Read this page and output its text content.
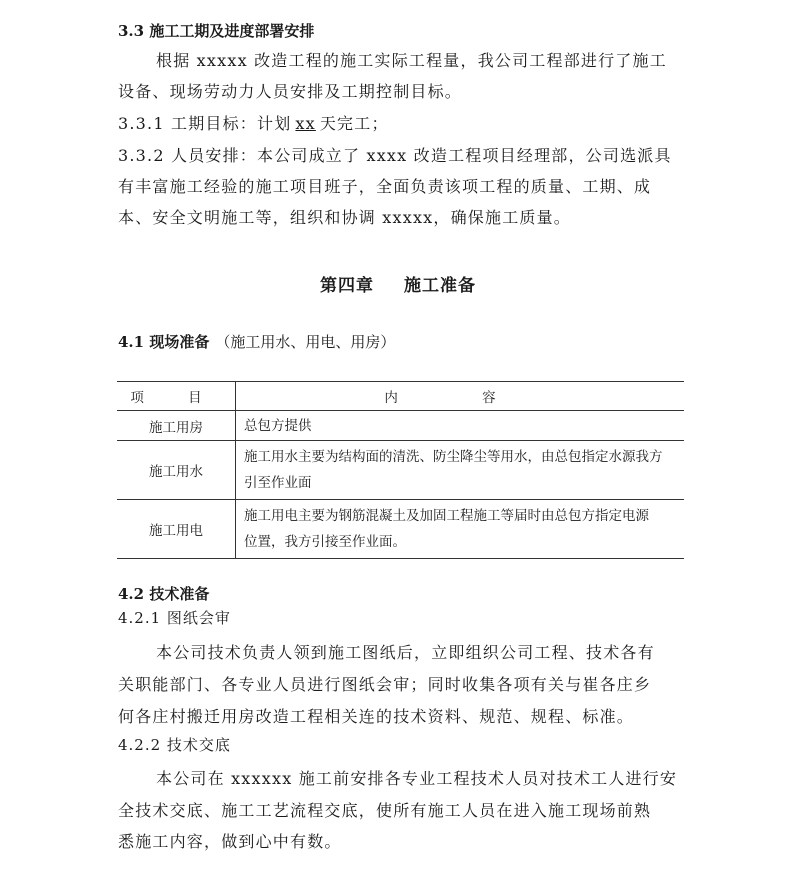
3.3 施工工期及进度部署安排
根据 xxxxx 改造工程的施工实际工程量，我公司工程部进行了施工
设备、现场劳动力人员安排及工期控制目标。
3.3.1 工期目标：计划 xx 天完工；
3.3.2 人员安排：本公司成立了 xxxx 改造工程项目经理部，公司选派具
有丰富施工经验的施工项目班子，全面负责该项工程的质量、工期、成
本、安全文明施工等，组织和协调 xxxxx，确保施工质量。
第四章 施工准备
4.1 现场准备 （施工用水、用电、用房）
项 目	内 容
施工用房	总包方提供
施工用水	施工用水主要为结构面的清洗、防尘降尘等用水，由总包指定水源我方
引至作业面

施工用电	施工用电主要为钢筋混凝土及加固工程施工等届时由总包方指定电源
位置，我方引接至作业面。
4.2 技术准备
4.2.1 图纸会审
本公司技术负责人领到施工图纸后，立即组织公司工程、技术各有
关职能部门、各专业人员进行图纸会审；同时收集各项有关与崔各庄乡
何各庄村搬迁用房改造工程相关连的技术资料、规范、规程、标准。
4.2.2 技术交底
本公司在 xxxxxx 施工前安排各专业工程技术人员对技术工人进行安
全技术交底、施工工艺流程交底，使所有施工人员在进入施工现场前熟
悉施工内容，做到心中有数。
